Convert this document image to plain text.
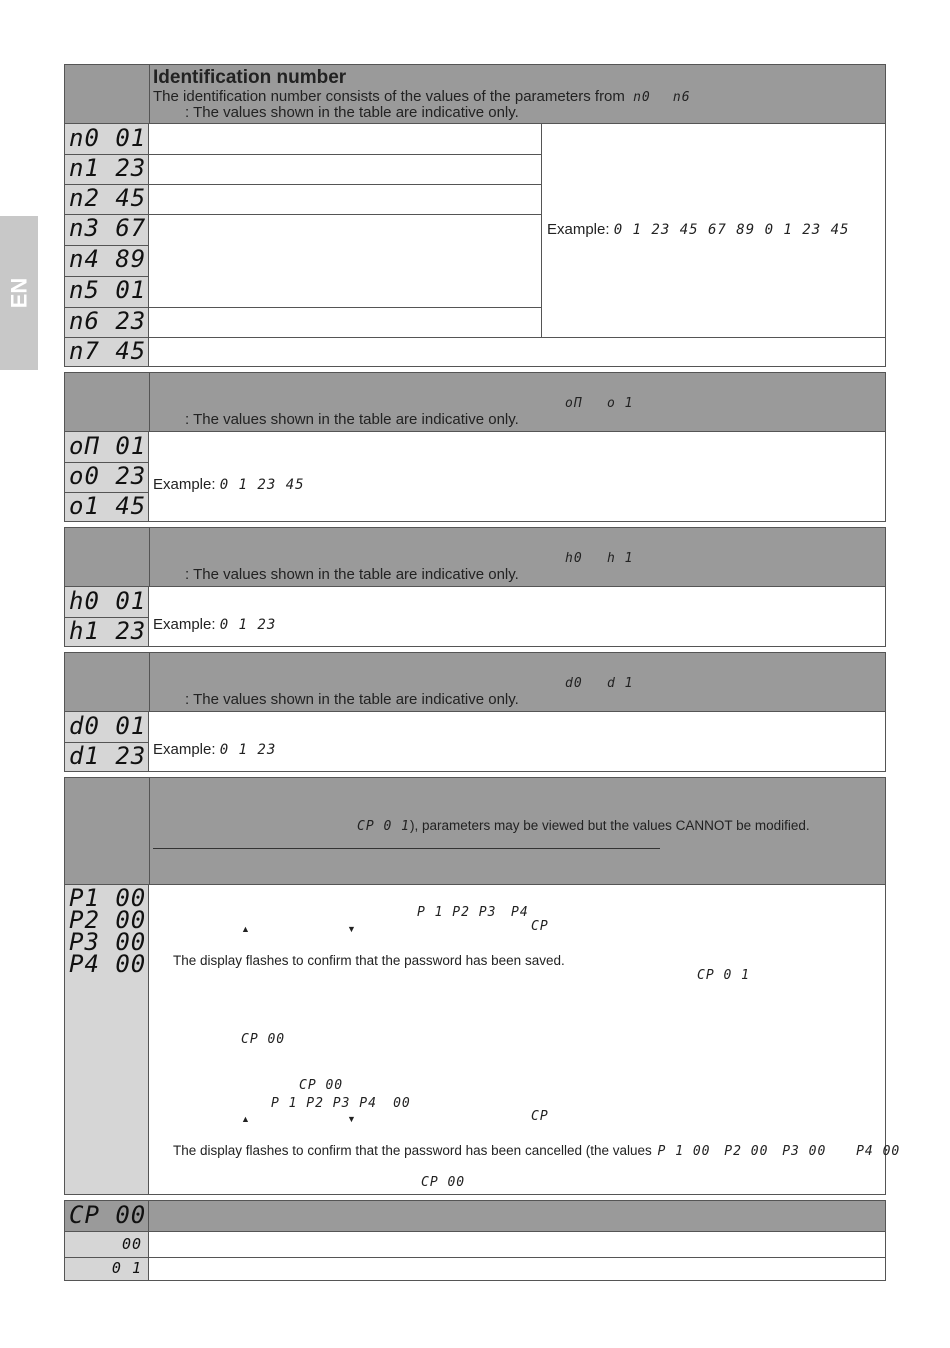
EN
Identification number
The identification number consists of the values of the parameters from n0 n6
: The values shown in the table are indicative only.
n0 01
n1 23
n2 45
n3 67
n4 89
n5 01
n6 23
n7 45
Example: 0 1 23 45 67 89 0 1 23 45
oΠ o 1
: The values shown in the table are indicative only.
oΠ 01
o0 23
o1 45
Example: 0 1 23 45
h0 h 1
: The values shown in the table are indicative only.
h0 01
h1 23 Example: 0 1 23
d0 d 1
: The values shown in the table are indicative only.
d0 01
d1 23 Example: 0 1 23
CP 0 1), parameters may be viewed but the values CANNOT be modified.
P1 00
P2 00
P3 00
P4 00
P 1 P2 P3 P4
CP
▲	▼
The display flashes to confirm that the password has been saved.
CP 0 1
CP 00
CP 00
P 1 P2 P3 P4 00
▲	▼	CP
The display flashes to confirm that the password has been cancelled (the values P 1 00 P2 00 P3 00 P4 00
CP 00
CP 00
00
0 1
